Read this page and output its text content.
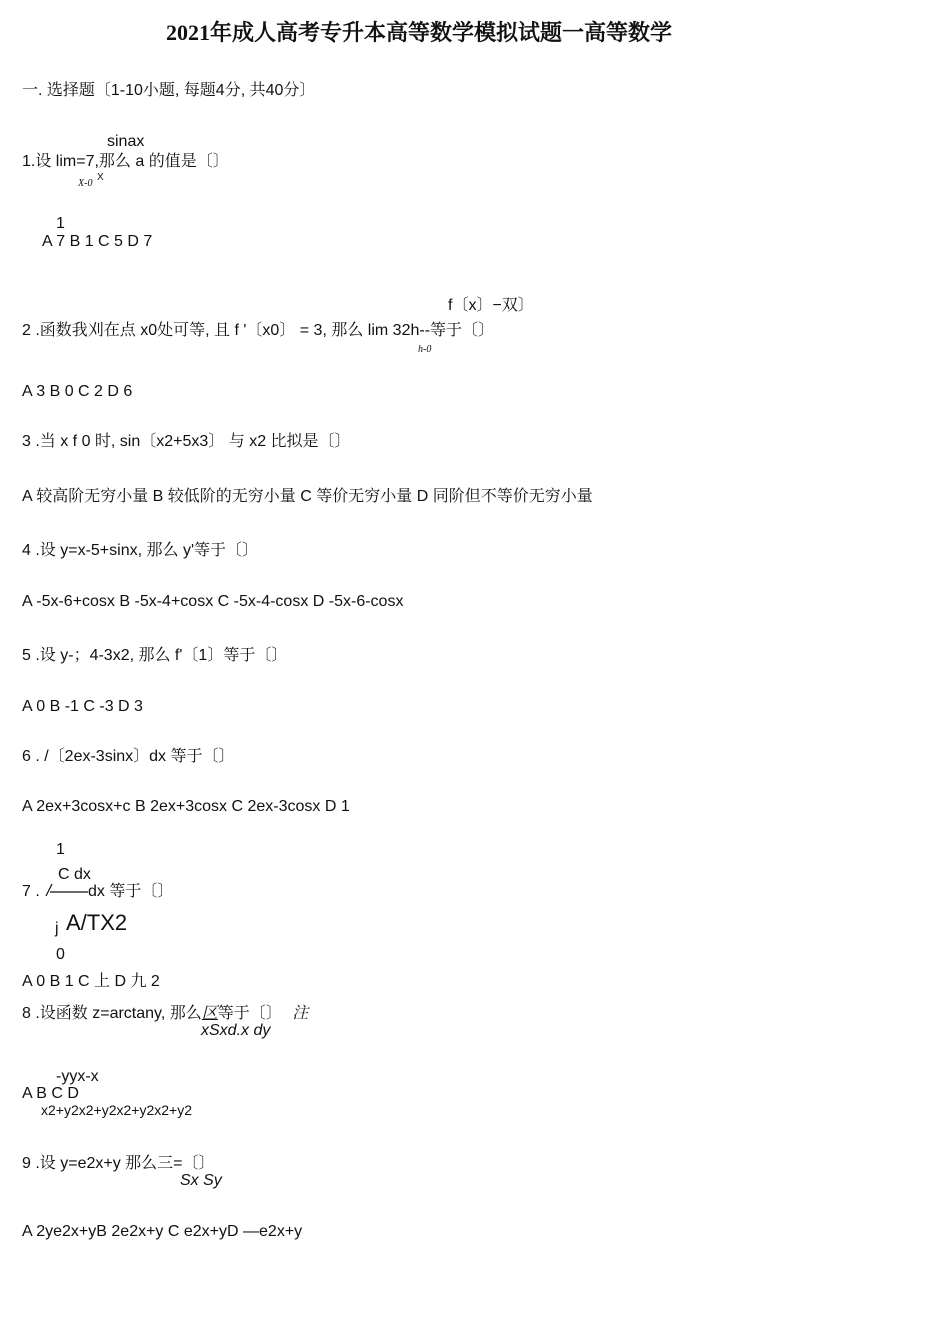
2021年成人高考专升本高等数学模拟试题一高等数学
一. 选择题〔1-10小题, 每题4分, 共40分〕
sinax
1.设 lim=7,那么 a 的值是〔〕
X-0
X
1
A 7 B 1 C 5 D 7
f〔x〕−双〕
2 .函数我刈在点 x0处可等, 且 f '〔x0〕 = 3, 那么 lim 32h--等于〔〕
h-0
A 3 B 0 C 2 D 6
3 .当 x f 0 时, sin〔x2+5x3〕 与 x2 比拟是〔〕
A 较高阶无穷小量 B 较低阶的无穷小量 C 等价无穷小量 D 同阶但不等价无穷小量
4 .设 y=x-5+sinx, 那么 y'等于〔〕
A -5x-6+cosx B -5x-4+cosx C -5x-4-cosx D -5x-6-cosx
5 .设 y-；4-3x2, 那么 f'〔1〕等于〔〕
A 0 B -1 C -3 D 3
6 . /〔2ex-3sinx〕dx 等于〔〕
A 2ex+3cosx+c B 2ex+3cosx C 2ex-3cosx D 1
1
C dx
7 .	dx 等于〔〕
j A/TX2
0
A 0 B 1 C 上 D 九 2
8 .设函数 z=arctany, 那么区等于〔〕 注
xSxd.x dy
-yyx-x
A B C D
x2+y2x2+y2x2+y2x2+y2
9 .设 y=e2x+y 那么三=〔〕
Sx Sy
A 2ye2x+yB 2e2x+y C e2x+yD —e2x+y
